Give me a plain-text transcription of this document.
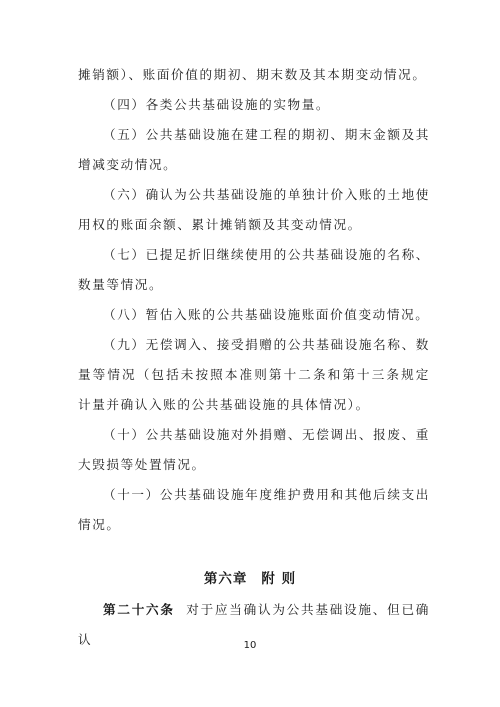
摊销额）、账面价值的期初、期末数及其本期变动情况。

（四）各类公共基础设施的实物量。

（五）公共基础设施在建工程的期初、期末金额及其增减变动情况。

（六）确认为公共基础设施的单独计价入账的土地使用权的账面余额、累计摊销额及其变动情况。

（七）已提足折旧继续使用的公共基础设施的名称、数量等情况。

（八）暂估入账的公共基础设施账面价值变动情况。

（九）无偿调入、接受捐赠的公共基础设施名称、数量等情况（包括未按照本准则第十二条和第十三条规定计量并确认入账的公共基础设施的具体情况）。

（十）公共基础设施对外捐赠、无偿调出、报废、重大毁损等处置情况。

（十一）公共基础设施年度维护费用和其他后续支出情况。

第六章 附 则

第二十六条 对于应当确认为公共基础设施、但已确认	10
